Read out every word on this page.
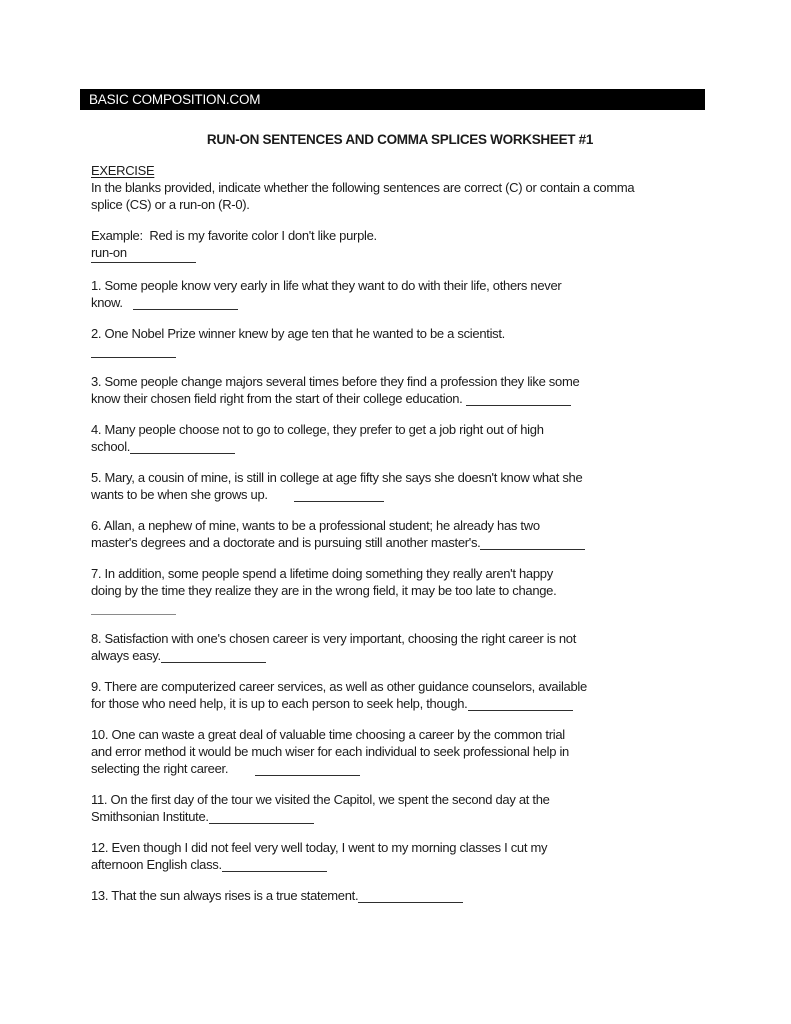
BASIC COMPOSITION.COM
RUN-ON SENTENCES AND COMMA SPLICES WORKSHEET #1
EXERCISE
In the blanks provided, indicate whether the following sentences are correct (C) or contain a comma
splice (CS) or a run-on (R-0).
Example:  Red is my favorite color I don't like purple.
run-on
1. Some people know very early in life what they want to do with their life, others never
know.
2. One Nobel Prize winner knew by age ten that he wanted to be a scientist.
3. Some people change majors several times before they find a profession they like some
know their chosen field right from the start of their college education.
4. Many people choose not to go to college, they prefer to get a job right out of high
school.
5. Mary, a cousin of mine, is still in college at age fifty she says she doesn't know what she
wants to be when she grows up.
6. Allan, a nephew of mine, wants to be a professional student; he already has two
master's degrees and a doctorate and is pursuing still another master's.
7. In addition, some people spend a lifetime doing something they really aren't happy
doing by the time they realize they are in the wrong field, it may be too late to change.
8. Satisfaction with one's chosen career is very important, choosing the right career is not
always easy.
9. There are computerized career services, as well as other guidance counselors, available
for those who need help, it is up to each person to seek help, though.
10. One can waste a great deal of valuable time choosing a career by the common trial
and error method it would be much wiser for each individual to seek professional help in
selecting the right career.
11. On the first day of the tour we visited the Capitol, we spent the second day at the
Smithsonian Institute.
12. Even though I did not feel very well today, I went to my morning classes I cut my
afternoon English class.
13. That the sun always rises is a true statement.
